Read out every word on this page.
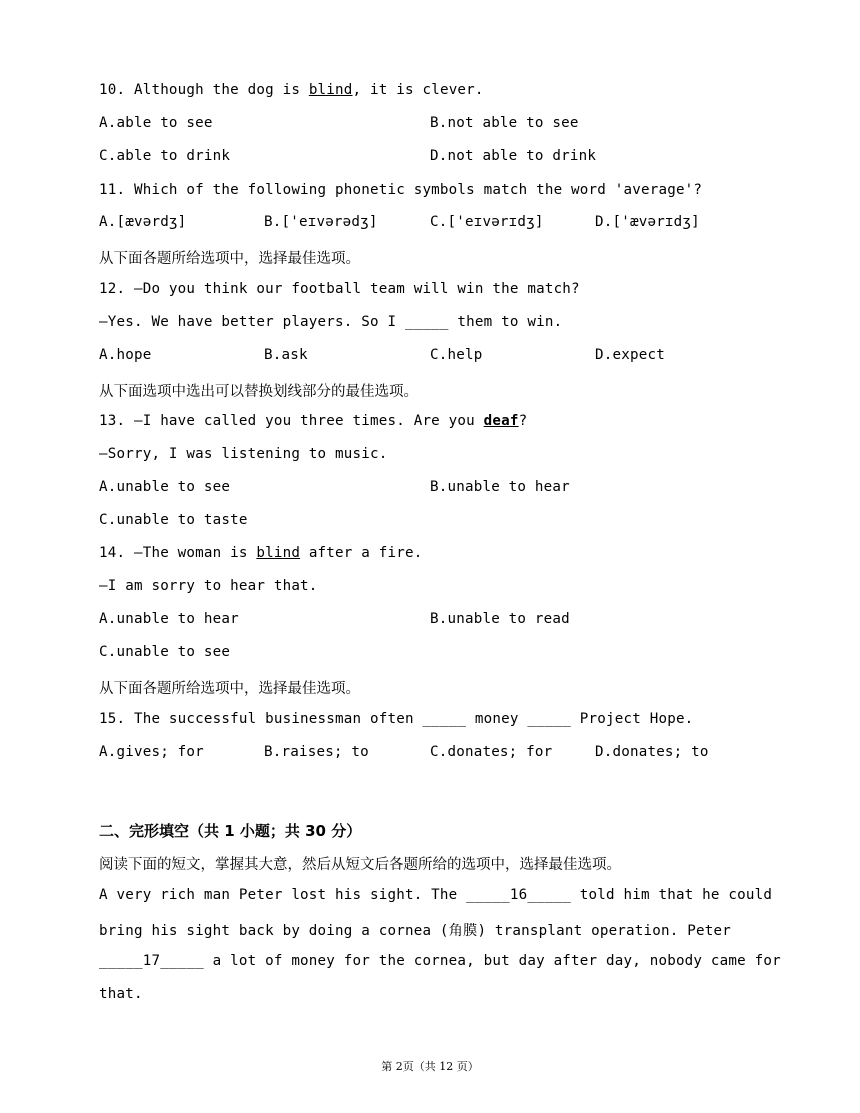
10. Although the dog is blind, it is clever.
A.able to see	B.not able to see
C.able to drink	D.not able to drink
11. Which of the following phonetic symbols match the word 'average'?
A.[ævərdʒ]	B.['eɪvərədʒ]	C.['eɪvərɪdʒ]	D.['ævərɪdʒ]
从下面各题所给选项中，选择最佳选项。
12. —Do you think our football team will win the match?
—Yes. We have better players. So I _____ them to win.
A.hope	B.ask	C.help	D.expect
从下面选项中选出可以替换划线部分的最佳选项。
13. —I have called you three times. Are you deaf?
—Sorry, I was listening to music.
A.unable to see	B.unable to hear
C.unable to taste
14. —The woman is blind after a fire.
—I am sorry to hear that.
A.unable to hear	B.unable to read
C.unable to see
从下面各题所给选项中，选择最佳选项。
15. The successful businessman often _____ money _____ Project Hope.
A.gives; for	B.raises; to	C.donates; for	D.donates; to
二、完形填空（共 1 小题；共 30 分）
阅读下面的短文，掌握其大意，然后从短文后各题所给的选项中，选择最佳选项。
A very rich man Peter lost his sight. The _____16_____ told him that he could
bring his sight back by doing a cornea (角膜) transplant operation. Peter
_____17_____ a lot of money for the cornea, but day after day, nobody came for
that.
第 2页（共 12 页）
